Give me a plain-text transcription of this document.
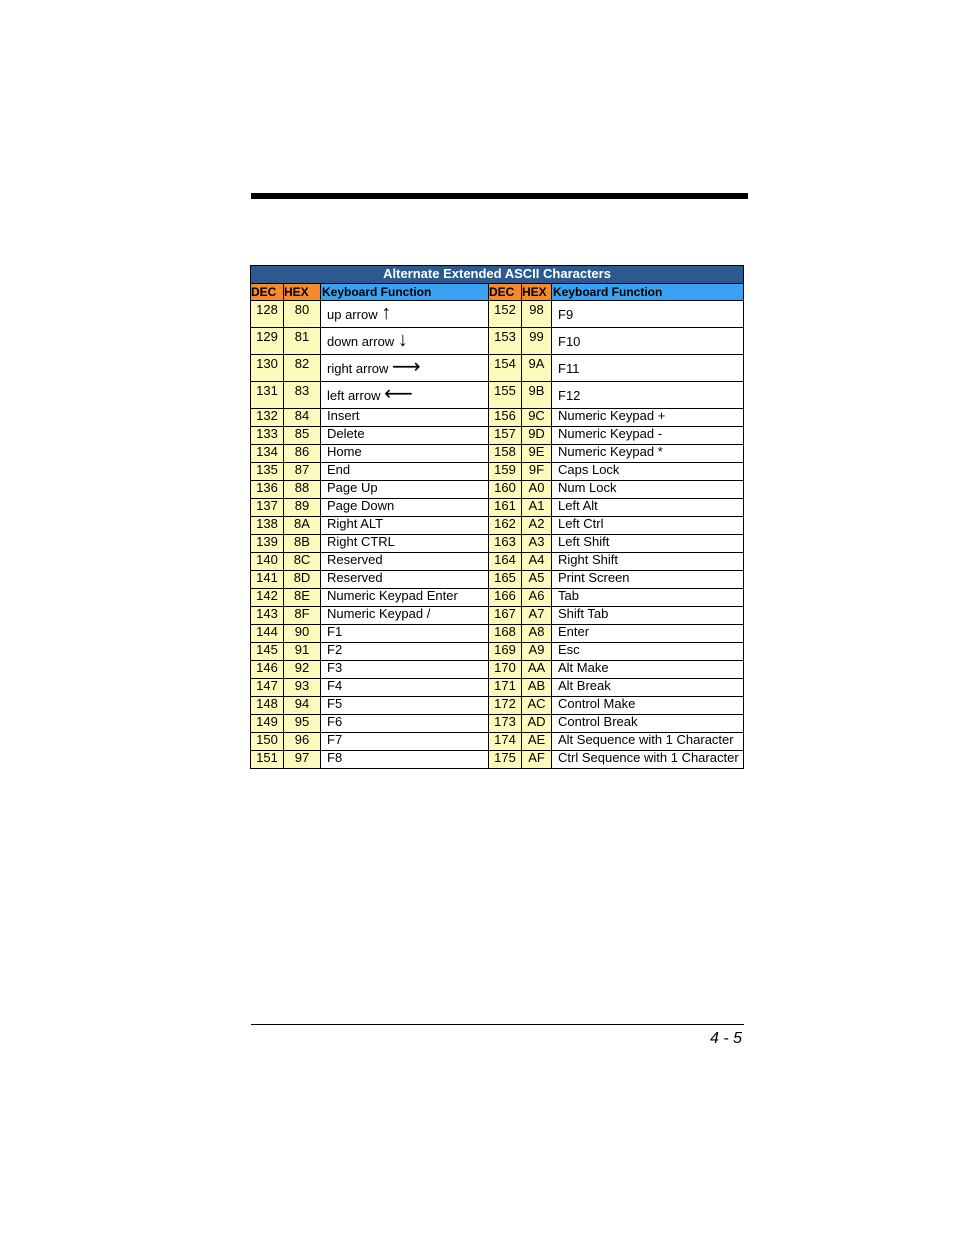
Alternate Extended ASCII Characters					
DEC	HEX	Keyboard Function	DEC	HEX	Keyboard Function
128	80	up arrow ↑	152	98	F9
129	81	down arrow ↓	153	99	F10
130	82	right arrow ⟶	154	9A	F11
131	83	left arrow ⟵	155	9B	F12
132	84	Insert	156	9C	Numeric Keypad +
133	85	Delete	157	9D	Numeric Keypad -
134	86	Home	158	9E	Numeric Keypad *
135	87	End	159	9F	Caps Lock
136	88	Page Up	160	A0	Num Lock
137	89	Page Down	161	A1	Left Alt
138	8A	Right ALT	162	A2	Left Ctrl
139	8B	Right CTRL	163	A3	Left Shift
140	8C	Reserved	164	A4	Right Shift
141	8D	Reserved	165	A5	Print Screen
142	8E	Numeric Keypad Enter	166	A6	Tab
143	8F	Numeric Keypad /	167	A7	Shift Tab
144	90	F1	168	A8	Enter
145	91	F2	169	A9	Esc
146	92	F3	170	AA	Alt Make
147	93	F4	171	AB	Alt Break
148	94	F5	172	AC	Control Make
149	95	F6	173	AD	Control Break
150	96	F7	174	AE	Alt Sequence with 1 Character
151	97	F8	175	AF	Ctrl Sequence with 1 Character
4 - 5
